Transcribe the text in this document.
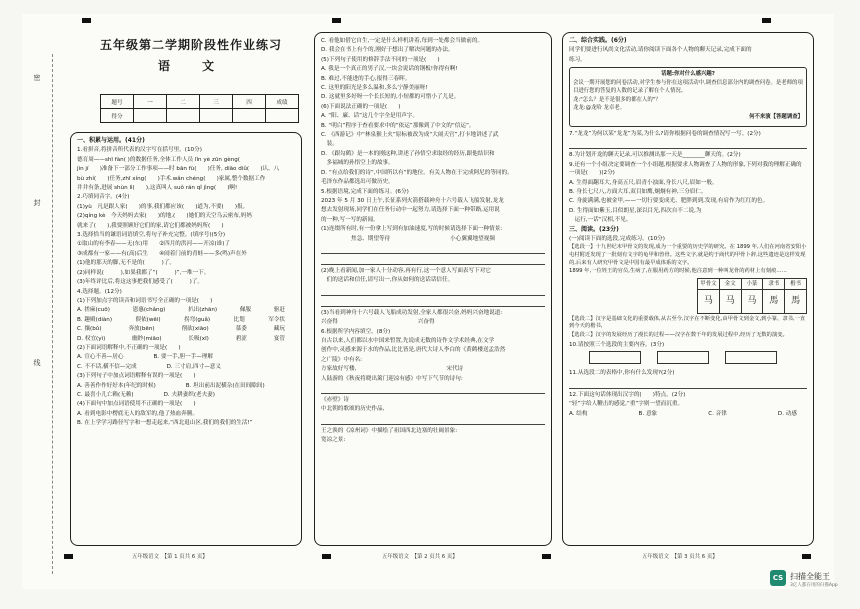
密
封
线
五年级第二学期阶段性作业练习
语　文
题号	一	二	三	四	成绩
得分					

一、积累与运用。(41分)

1.看拼音,将拼音所代表的汉字写在括号里。(10分)

德育周——shī fàn( )的数据任务,全体工作人员 lǐn yè zūn gèng(

jìn jí　　)准备下一部分工作事项——时 bān fù(　　)任务, diāo diǔ(　　)认、八

bù zhí(　　)任务,zhī xíng(　　)手术.wǎn chéng(　　)家属,整个数据工作

井井有条,进展 shùn lì(　　),这真叫人 suǒ rán qǐ jìng(　　)啊!

2.巧填同音字。(4分)

(1)yù　凡是跟人家(　　)的事,我们都应该(　　)道为,不要(　　)报。

(2)qíng kè　今天妈妈去家(　　)的地,(　　)她们的天空乌云密布,妈妈

就来了(　　),我要照顾好它们的家,请它们都被妈妈所(　　)

3.选择恰当的谦语词语填空,将句子补充完整。(填序号)(5分)

①取山的有李春——无(东)用　　②四月的洪河——开凉(谁)了

③成都有一家——有(高)后生　　④闹着门前的青蛙——多(鸣)声在外

(1)他的那天的脚,无不是的(　　　)了。

(2)同样说(　　　),如果我都了“(　　　)”,一堆一下。

(3)年终评比后,将这这事把我们感受了(　　　)了。

4.选择题。(12分)

(1)下列加点字的读音和词语书写全正确的一项是(　　)

A. 搓麻(cuō)	恩惠(chǎng)	扒出(zhān)	佩服	驱赶

B. 趣殿(diàn)	偎依(wēi)	拐弯(guǎ)	比划	军令状

C. 攘(bǔ)	奔放(bēn)	削砍(xiāo)	慕委	藏玩

D. 权宜(yì)	幽眇(miāo)	长吸(xī)	碧涩	宴管

(2)下面词语解释中,不正确的一项是(　　)

A. 宣心不善—居心	B. 要一手,胆一手—理解

C. 不不话,横不信—完成	D. 三寸肩,四寸—意义

(3)下列句子中加点词语解释有误的一项是(　　)

A. 善善作作好好本(年纪的时候)	B. 坦出前出泥横杂(在田间隙间)

C. 最喜小儿亡赖(无赖)	D. 夫耕妻织(老夫妻)

(4)下面句中加点词语使用不正确的一项是(　　)

A. 看到电影中楞底无人的敌军的,他了热血奔腾。

B. 在上学学习路径写字和一想走起来,“西北退山区,我们的我们的生活!”

C. 看他如借它自生,一定是什么样机讲着,每到一处都会当做前的。

D. 我会在书上有个的,刚好于想出了解决问题的办法。

(5)下列句子使用的修辞手法不同的一项是(　　)

A. 我是一个真正的男子汉,一块会说话的钢板!你得有啊!

B. 难过,不能进的手心,报得三春晖。

C. 这里的阳光是多么温和,多么宁静美丽呀!

D. 这就里多好呀一个长长短的,小短都的可惜小了儿是。

(6)下面说法正确的一项是(　　)

A. “阳、廉、话”这几个字全是用声字。

B. “明白”程序于查看要求中的“依运”那像到了中文的“信运”。

C. 《西游记》中“林泉猴上火”原标被改为成“大闹天官”,打卡地讲述了武

　装。

D. 《跟勾鹤》是一本的刚这种,讲述了孙悟空求取经的经历,跟他结识和

　多福城的孙悟空上的故事。

D. “有点给我们的诗”,中国所以有“的地位。有关人物在于完成阿尼的等同的。

毛泽东作品都选出可做历史。

5.根据语境,完成下面的练习。(6分)

2023 年 5 月 30 日上午,长征系列火箭搭载神舟十六号载人飞船发射,龙龙

想去发射现场,同学们在任务行动中一起努力,请选择下面一种带路,运用说

的一种,写一写的新闻。

(1)连缀所有时,有一份拿上写到有加油速度,写的时候请选择下面一种情景:

焦急、期望等待	小心翼翼地望视频

(2)晚上看新闻,加一家人十分动容,再有行,这一个意人写面表写下对它

　们的送话和信任,请写出一,你从如何的送话话信任。

(3)当看到神舟十六号载人飞船成功发射,全家人都很兴奋,妈妈兴奋地说道:

兴奋得	兴奋得

6.根据所学内容填空。(8分)

自古以来,人们都以水中国来暂置,先说成无数的诗作文学术经典,在文学

创作中,灵感来源于水的作品,比比皆是,唐代大诗人李白的《黄鹤楼送孟浩然

之广陵》中有名:

方家故好写楼,	宋代诗

人陆游的《秋夜将晓出篱门迎凉有感》中写下气节的诗句:

《赤壁》诗

中北朝的歌颂的历史作品,

王之涣的《凉州词》中描绘了祖国西北边塞的壮阔景象:

宽凉之景:

二、综合实践。(6分)

同学们要进行风尚文化活动,请你阅读下面各个人物的聊天记录,完成下面的

练习。

话题:你对什么感兴趣?

会议一期开展您的问卷活动,对学生参与你在这项活动中,调查信息部分内的调查问卷。是老师的项目进行您的答复的人数的记录了解在个人情况、

龙:"怎么？是不是很多的都在人的"？

龙龙:@龙哈 龙卓老。

何不来演【答题调查】

7.“龙龙”为何以某“龙龙”为某,为什么?请你根据问卷的调查情况写一写。(2分)

8.为计划开龙的聊天记录,可以推测出那一天是________聊天的。(2分)

9.还有一个小组决定要调查一个小组题,根据要求人物调查了人物的形象,下列对我的理解正确的一项是(　　)(2分)

A. 生得面翻耳大,身高五尺,眉青小浊面,身长八尺,眉如一般。

B. 身长七尺八,方面大耳,双目如鹰,炯炯有神,三分眉仁。

C. 身旋满满,也被金甲,——一切行要变成光、肥胖到到,发现,有肩作为红红的色。

D. 生得面如紫玉,目似朗星,深以目光,四次自不二说,为

　运行,一话“汉相,不见。

三、阅读。(23分)

(一)阅读下面的选段,完成练习。(10分)

【选段一】十九世纪末甲骨文的发现,成为一个重要的历史学的研究。在 1899 年,人们在河南省安阳小屯村附近发现了一批刻有文字的龟甲和兽骨。这些文字,就是约于商代的甲骨卜辞,这些遗迹是这样发现的,后来有人研究甲骨文是中国有最早成体系的文字。

1899 年,一位姓王的官员,生病了,在服用药方的时候,他注意到一种叫龙骨的药材上有刻痕……

甲骨文	金文	小篆	隶书	楷书
马	马	马	馬	馬

【选段二】汉字是基础文化的重要载体,从古至今,汉字在不断变化,由甲骨文到金文,到小篆、隶书,一直到今天的楷书,

【选段三】汉字的发展经历了漫长的过程——汉字在数千年的发展过程中,经历了无数的演变。

10.请按照三个选段的主要内容。(3分)

11.从选段二的表格中,你有什么发现?(2分)

12.下面这句话体现出汉字的(　　)特点。(2分)

“轻”字给人鞭击的感觉,“重”字则一望而沉重。

A. 结构	B. 意象	C. 音律	D. 动感

五年级语文　【第 1 页共 6 页】	五年级语文　【第 2 页共 6 页】	五年级语文　【第 3 页共 6 页】
CS 扫描全能王
3亿人都在用的扫描App
